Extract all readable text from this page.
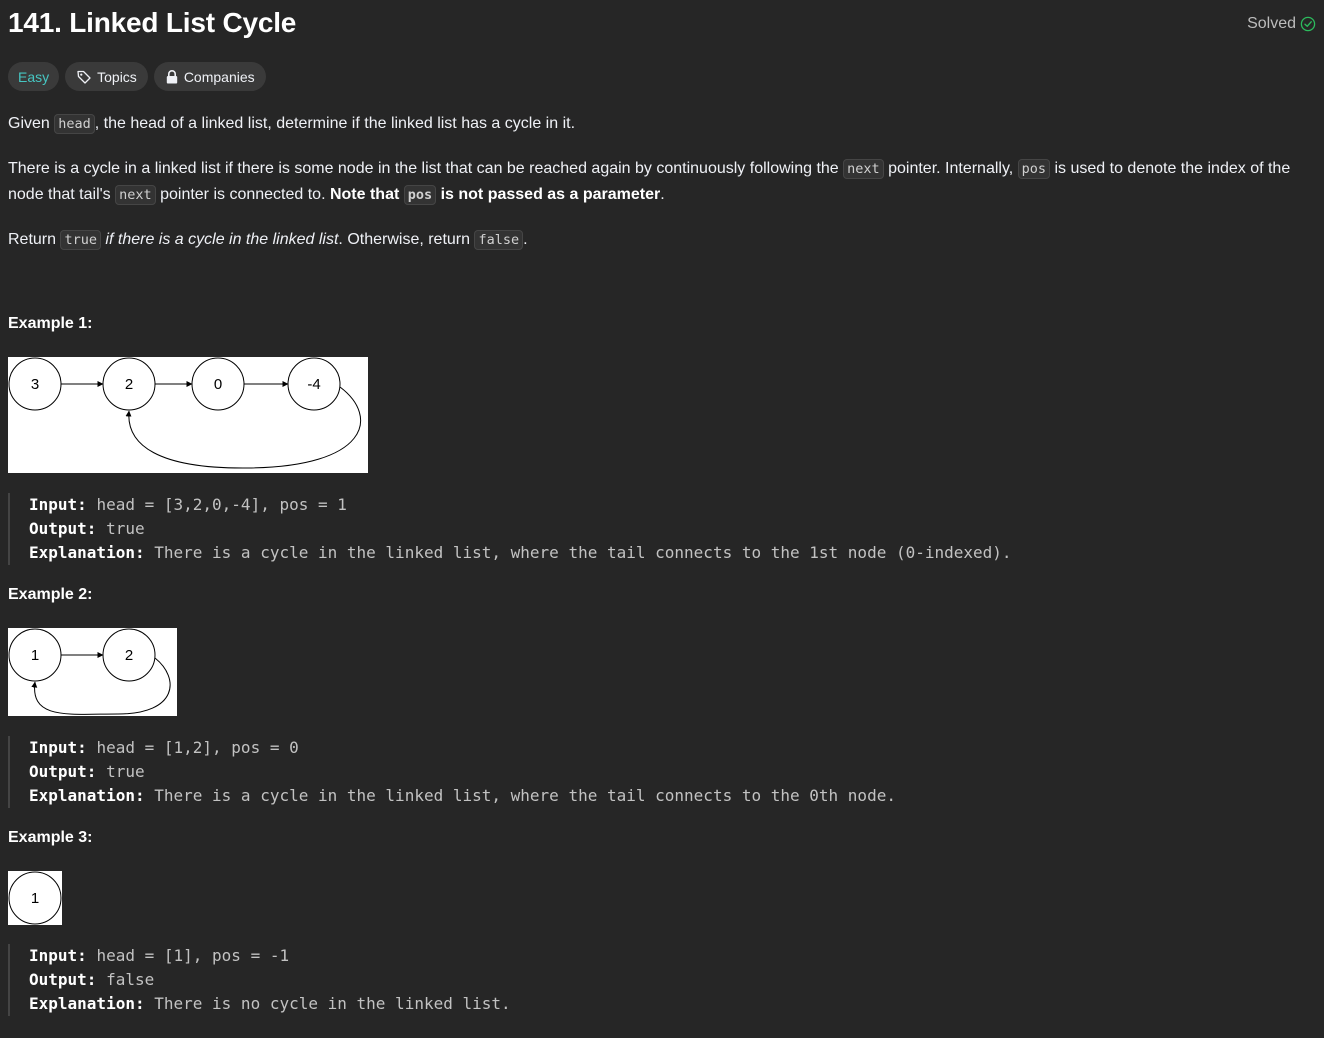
141. Linked List Cycle	Solved
Easy	Topics	Companies

Given head , the head of a linked list, determine if the linked list has a cycle in it.

There is a cycle in a linked list if there is some node in the list that can be reached again by continuously following the next pointer. Internally, pos is used to denote the index of the node that tail's next pointer is connected to. Note that pos is not passed as a parameter.

Return true if there is a cycle in the linked list. Otherwise, return false .

Example 1:
3	2	0	-4
Input: head = [3,2,0,-4], pos = 1
Output: true
Explanation: There is a cycle in the linked list, where the tail connects to the 1st node (0-indexed).
Example 2:
1	2
Input: head = [1,2], pos = 0
Output: true
Explanation: There is a cycle in the linked list, where the tail connects to the 0th node.
Example 3:
1
Input: head = [1], pos = -1
Output: false
Explanation: There is no cycle in the linked list.
